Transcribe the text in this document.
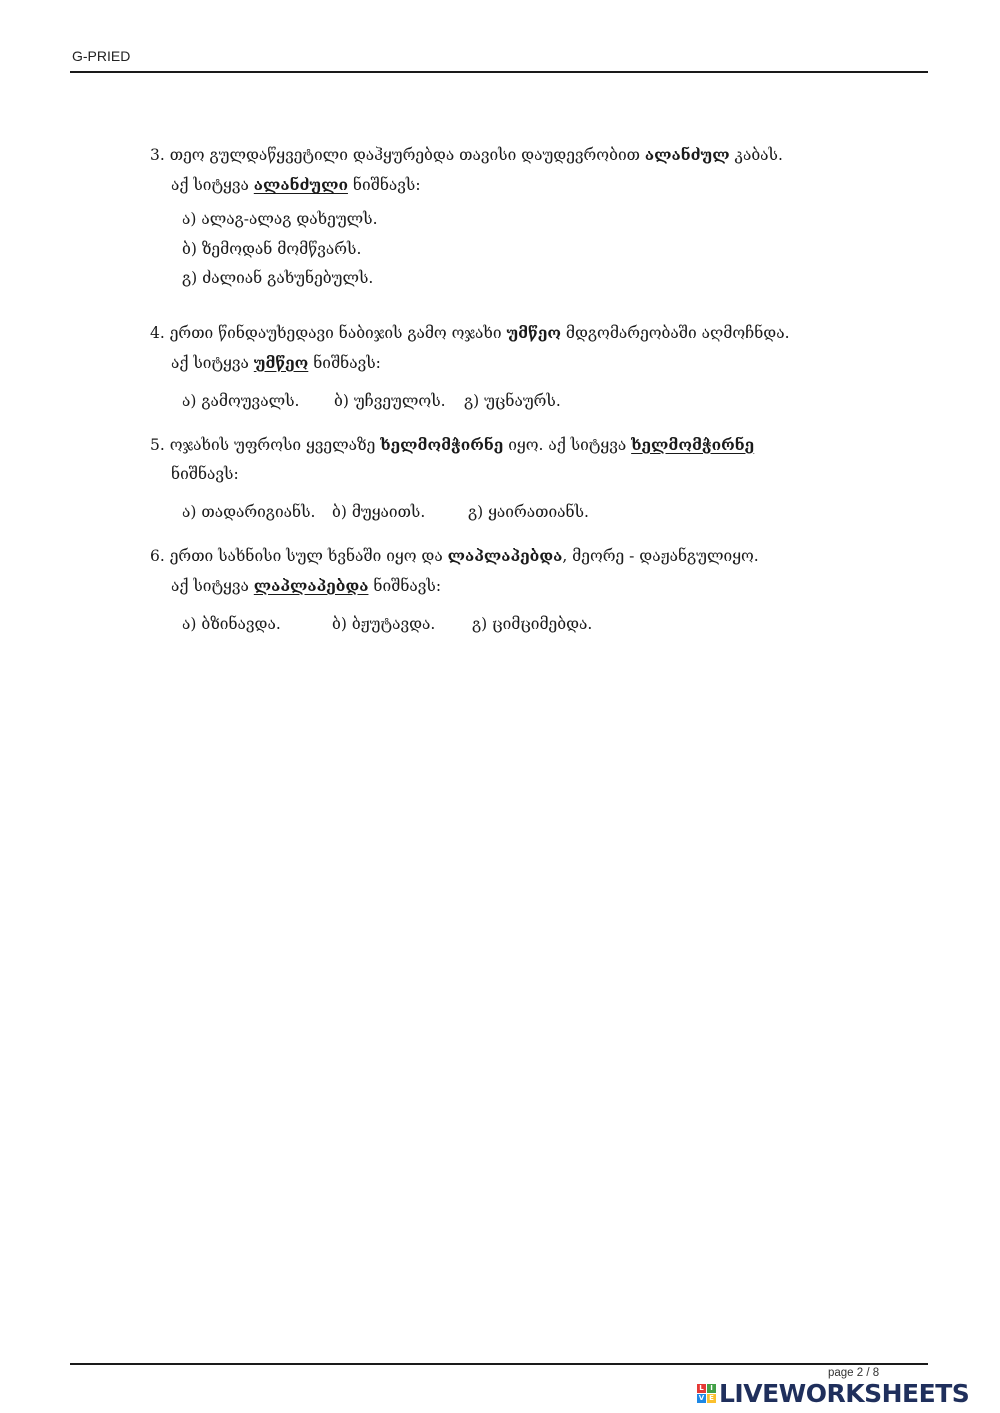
G-PRIED
3. თეო გულდაწყვეტილი დაჰყურებდა თავისი დაუდევრობით ალანძულ კაბას.
აქ სიტყვა ალანძული ნიშნავს:
ა) ალაგ-ალაგ დახეულს.
ბ) ზემოდან მომწვარს.
გ) ძალიან გახუნებულს.
4. ერთი წინდაუხედავი ნაბიჯის გამო ოჯახი უმწეო მდგომარეობაში აღმოჩნდა.
აქ სიტყვა უმწეო ნიშნავს:
ა) გამოუვალს. ბ) უჩვეულოს. გ) უცნაურს.
5. ოჯახის უფროსი ყველაზე ხელმომჭირნე იყო. აქ სიტყვა ხელმომჭირნე
ნიშნავს:
ა) თადარიგიანს. ბ) მუყაითს.	გ) ყაირათიანს.
6. ერთი სახნისი სულ ხვნაში იყო და ლაპლაპებდა, მეორე - დაჟანგულიყო.
აქ სიტყვა ლაპლაპებდა ნიშნავს:
ა) ბზინავდა.	ბ) ბჟუტავდა. გ) ციმციმებდა.
page 2 / 8
L I
V E LIVEWORKSHEETS
